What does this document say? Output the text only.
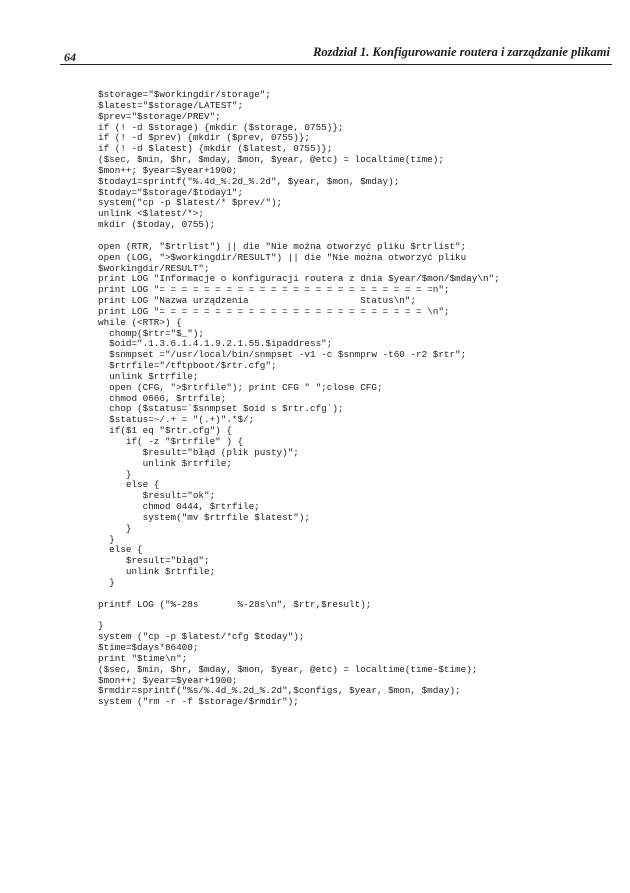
64	Rozdział 1. Konfigurowanie routera i zarządzanie plikami
$storage="$workingdir/storage";
$latest="$storage/LATEST";
$prev="$storage/PREV";
if (! -d $storage) {mkdir ($storage, 0755)};
if (! -d $prev) {mkdir ($prev, 0755)};
if (! -d $latest) {mkdir ($latest, 0755)};
($sec, $min, $hr, $mday, $mon, $year, @etc) = localtime(time);
$mon++; $year=$year+1900;
$today1=sprintf("%.4d_%.2d_%.2d", $year, $mon, $mday);
$today="$storage/$today1";
system("cp -p $latest/* $prev/");
unlink <$latest/*>;
mkdir ($today, 0755);
open (RTR, "$rtrlist") || die "Nie można otworzyć pliku $rtrlist";
open (LOG, ">$workingdir/RESULT") || die "Nie można otworzyć pliku
$workingdir/RESULT";
print LOG "Informacje o konfiguracji routera z dnia $year/$mon/$mday\n";
print LOG "= = = = = = = = = = = = = = = = = = = = = = = = =n";
print LOG "Nazwa urządzenia                    Status\n";
print LOG "= = = = = = = = = = = = = = = = = = = = = = = = \n";
while (<RTR>) {
chomp($rtr="$_");
$oid=".1.3.6.1.4.1.9.2.1.55.$ipaddress";
$snmpset ="/usr/local/bin/snmpset -v1 -c $snmprw -t60 -r2 $rtr";
$rtrfile="/tftpboot/$rtr.cfg";
unlink $rtrfile;
open (CFG, ">$rtrfile"); print CFG " ";close CFG;
chmod 0666, $rtrfile;
chop ($status=`$snmpset $oid s $rtr.cfg`);
$status=~/.+ = "(.+)".*$/;
if($1 eq "$rtr.cfg") {
if( -z "$rtrfile" ) {
$result="błąd (plik pusty)";
unlink $rtrfile;
}
else {
$result="ok";
chmod 0444, $rtrfile;
system("mv $rtrfile $latest");
}
}
else {
$result="błąd";
unlink $rtrfile;
}
printf LOG ("%-28s       %-28s\n", $rtr,$result);
}
system ("cp -p $latest/*cfg $today");
$time=$days*86400;
print "$time\n";
($sec, $min, $hr, $mday, $mon, $year, @etc) = localtime(time-$time);
$mon++; $year=$year+1900;
$rmdir=sprintf("%s/%.4d_%.2d_%.2d",$configs, $year, $mon, $mday);
system ("rm -r -f $storage/$rmdir");
